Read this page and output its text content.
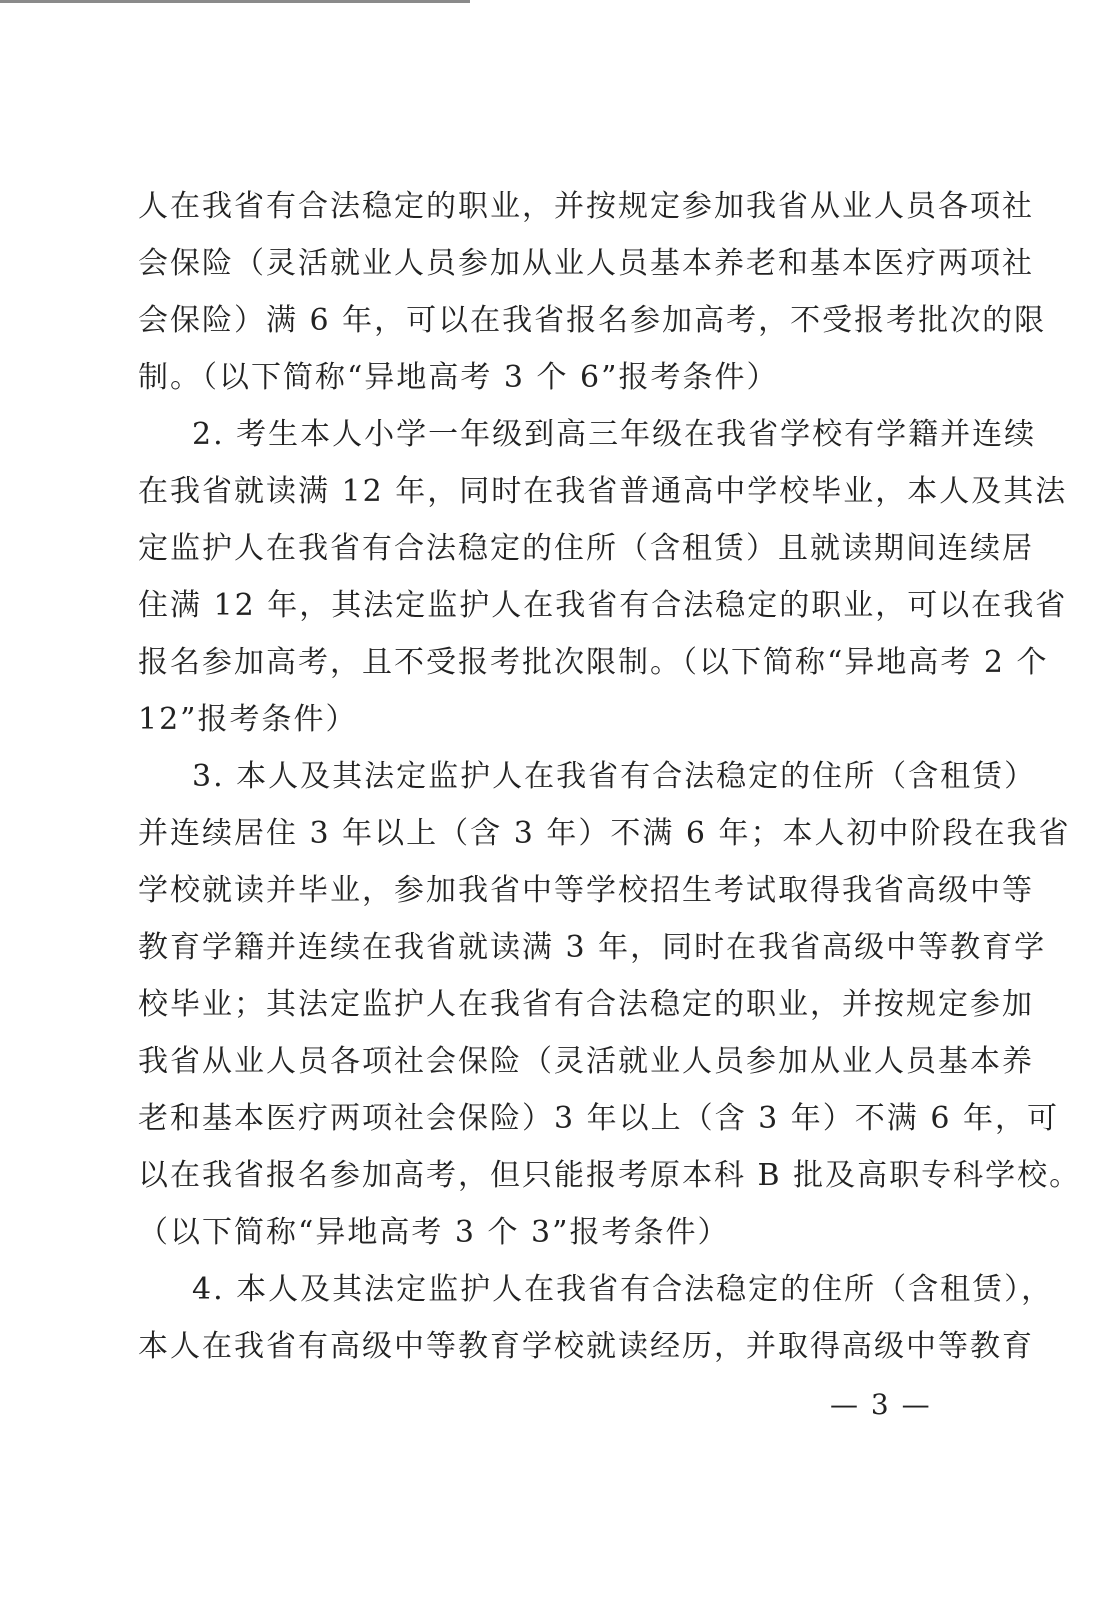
人在我省有合法稳定的职业，并按规定参加我省从业人员各项社
会保险（灵活就业人员参加从业人员基本养老和基本医疗两项社
会保险）满 6 年，可以在我省报名参加高考，不受报考批次的限
制。（以下简称“异地高考 3 个 6”报考条件）
2. 考生本人小学一年级到高三年级在我省学校有学籍并连续
在我省就读满 12 年，同时在我省普通高中学校毕业，本人及其法
定监护人在我省有合法稳定的住所（含租赁）且就读期间连续居
住满 12 年，其法定监护人在我省有合法稳定的职业，可以在我省
报名参加高考，且不受报考批次限制。（以下简称“异地高考 2 个
12”报考条件）
3. 本人及其法定监护人在我省有合法稳定的住所（含租赁）
并连续居住 3 年以上（含 3 年）不满 6 年；本人初中阶段在我省
学校就读并毕业，参加我省中等学校招生考试取得我省高级中等
教育学籍并连续在我省就读满 3 年，同时在我省高级中等教育学
校毕业；其法定监护人在我省有合法稳定的职业，并按规定参加
我省从业人员各项社会保险（灵活就业人员参加从业人员基本养
老和基本医疗两项社会保险）3 年以上（含 3 年）不满 6 年，可
以在我省报名参加高考，但只能报考原本科 B 批及高职专科学校。
（以下简称“异地高考 3 个 3”报考条件）
4. 本人及其法定监护人在我省有合法稳定的住所（含租赁），
本人在我省有高级中等教育学校就读经历，并取得高级中等教育
— 3 —
